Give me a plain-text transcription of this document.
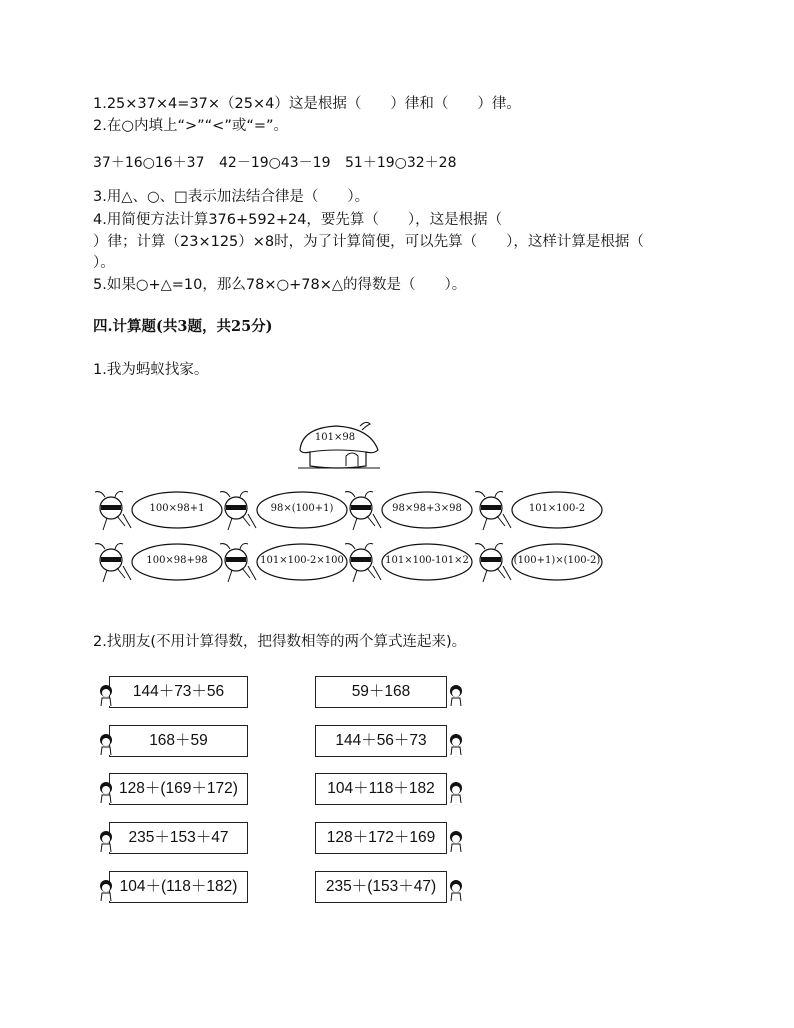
1.25×37×4=37×（25×4）这是根据（　　）律和（　　）律。
2.在○内填上“>”“<”或“=”。
37＋16○16＋37 42－19○43－19 51＋19○32＋28
3.用△、○、□表示加法结合律是（　　）。
4.用简便方法计算376+592+24，要先算（　　），这是根据（
）律；计算（23×125）×8时，为了计算简便，可以先算（　　），这样计算是根据（
）。
5.如果○+△=10，那么78×○+78×△的得数是（　　）。
四.计算题(共3题，共25分)
1.我为蚂蚁找家。
101×98
100×98+1	98×(100+1)	98×98+3×98	101×100-2
100×98+98	101×100-2×100	101×100-101×2	(100+1)×(100-2)
2.找朋友(不用计算得数，把得数相等的两个算式连起来)。
144＋73＋56
168＋59
128＋(169＋172)
235＋153＋47
104＋(118＋182)
59＋168
144＋56＋73
104＋118＋182
128＋172＋169
235＋(153＋47)
